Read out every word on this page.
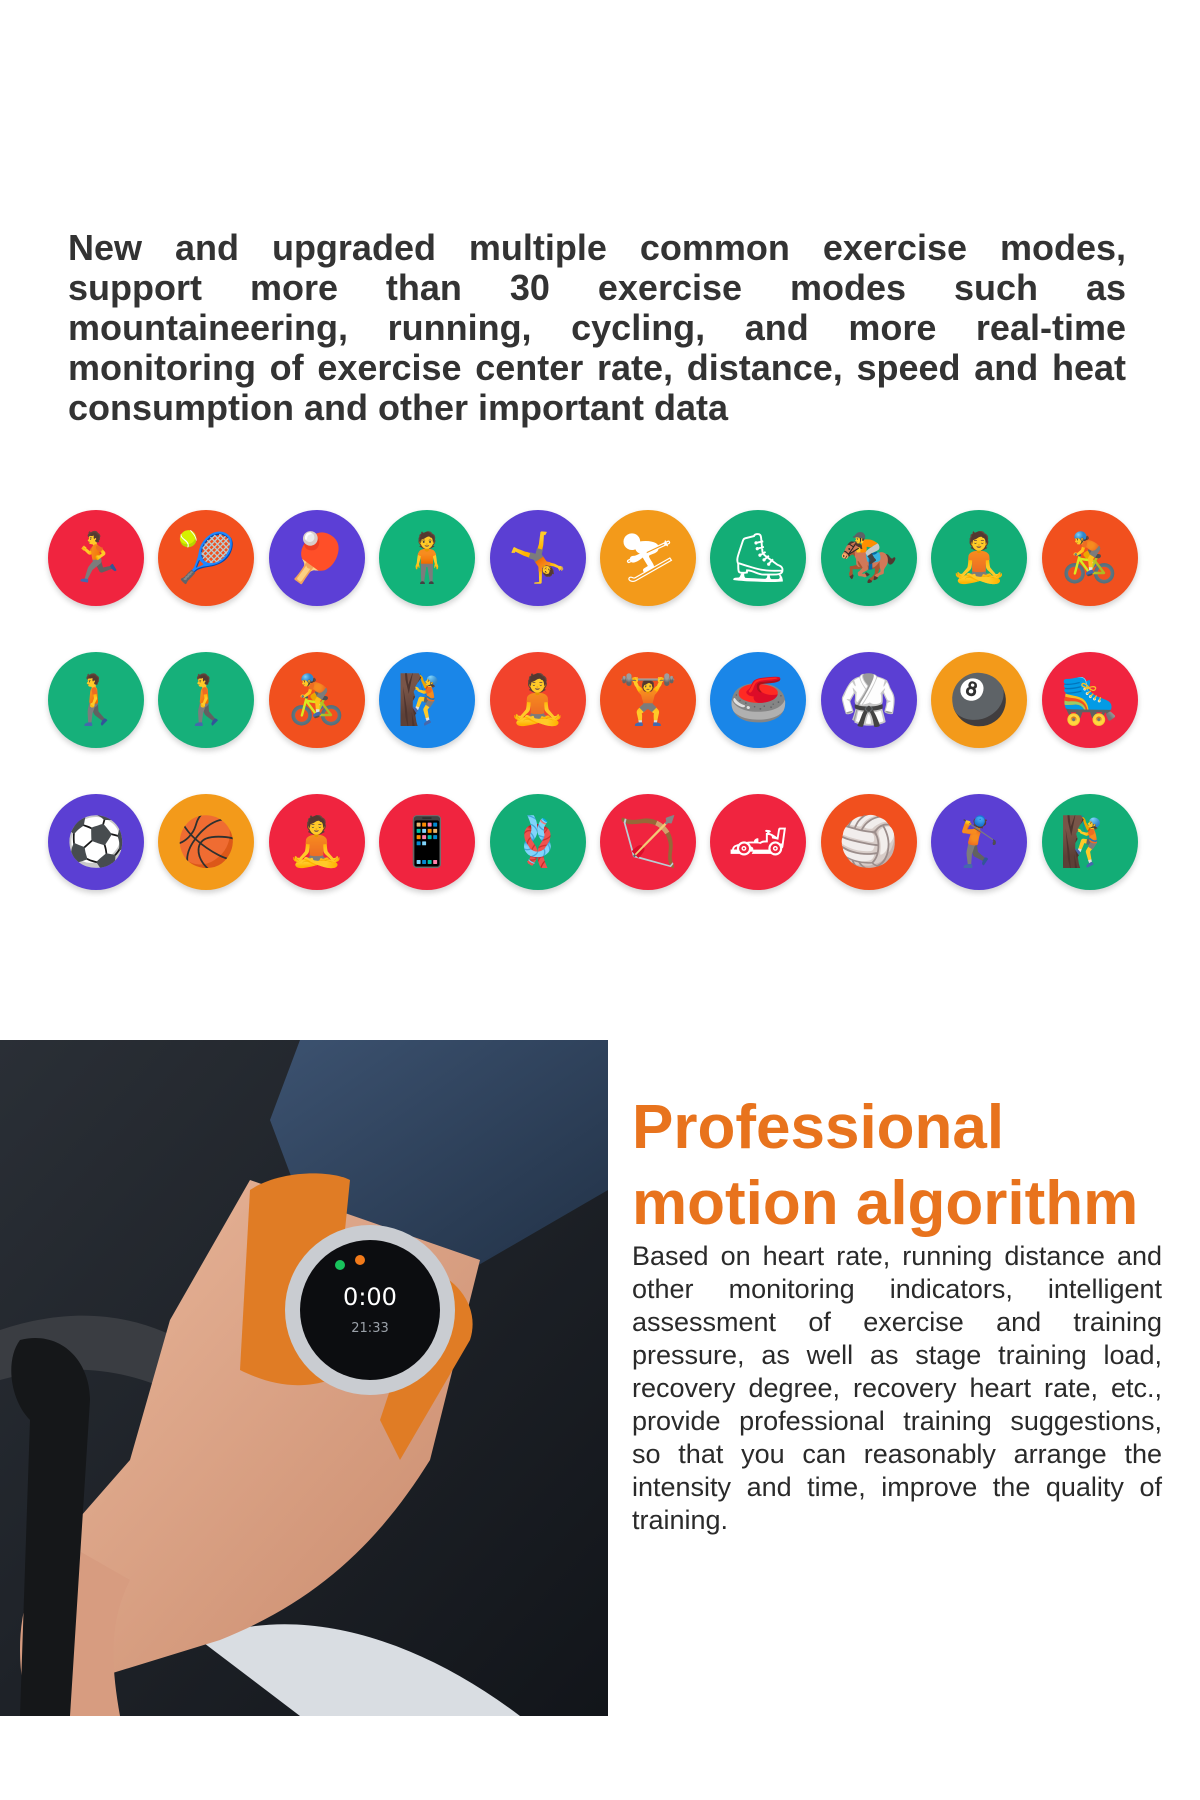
New and upgraded multiple common exercise modes, support more than 30 exercise modes such as mountaineering, running, cycling, and more real-time monitoring of exercise center rate, distance, speed and heat consumption and other important data

🏃 🎾 🏓 🧍 🤸 ⛷ ⛸ 🏇 🧘 🚴
🚶 🚶 🚴 🧗 🧘 🏋 🥌 🥋 🎱 🛼
⚽ 🏀 🧘 📱 🪢 🏹 🏎 🏐 🏌 🧗
0:00
21:33
Professional
motion algorithm

Based on heart rate, running distance and other monitoring indicators, intelligent assessment of exercise and training pressure, as well as stage training load, recovery degree, recovery heart rate, etc., provide professional training suggestions, so that you can reasonably arrange the intensity and time, improve the quality of training.
